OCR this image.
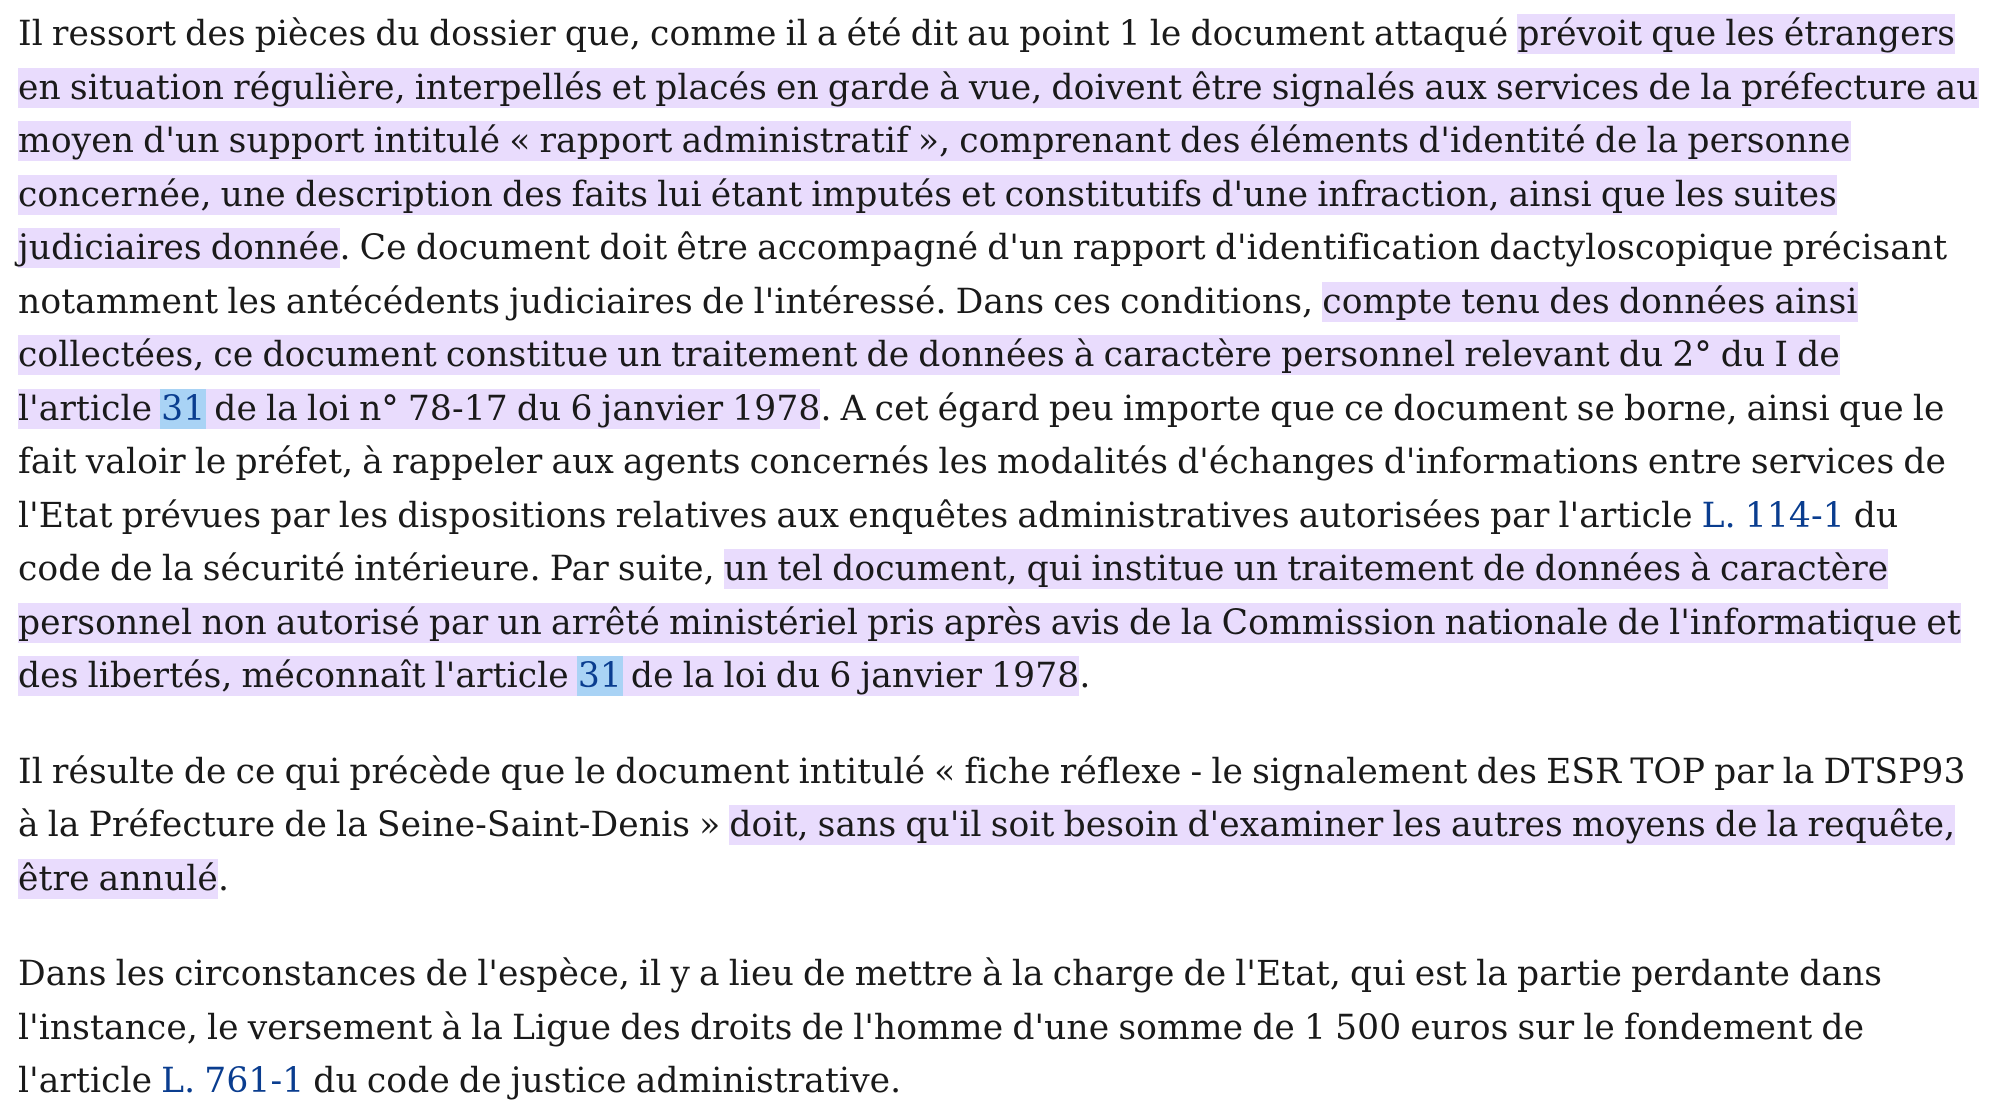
Il ressort des pièces du dossier que, comme il a été dit au point 1 le document attaqué prévoit que les étrangers en situation régulière, interpellés et placés en garde à vue, doivent être signalés aux services de la préfecture au moyen d'un support intitulé « rapport administratif », comprenant des éléments d'identité de la personne concernée, une description des faits lui étant imputés et constitutifs d'une infraction, ainsi que les suites judiciaires donnée. Ce document doit être accompagné d'un rapport d'identification dactyloscopique précisant notamment les antécédents judiciaires de l'intéressé. Dans ces conditions, compte tenu des données ainsi collectées, ce document constitue un traitement de données à caractère personnel relevant du 2° du I de l'article 31 de la loi n° 78-17 du 6 janvier 1978. A cet égard peu importe que ce document se borne, ainsi que le fait valoir le préfet, à rappeler aux agents concernés les modalités d'échanges d'informations entre services de l'Etat prévues par les dispositions relatives aux enquêtes administratives autorisées par l'article L. 114-1 du code de la sécurité intérieure. Par suite, un tel document, qui institue un traitement de données à caractère personnel non autorisé par un arrêté ministériel pris après avis de la Commission nationale de l'informatique et des libertés, méconnaît l'article 31 de la loi du 6 janvier 1978.

Il résulte de ce qui précède que le document intitulé « fiche réflexe - le signalement des ESR TOP par la DTSP93 à la Préfecture de la Seine-Saint-Denis » doit, sans qu'il soit besoin d'examiner les autres moyens de la requête, être annulé.

Dans les circonstances de l'espèce, il y a lieu de mettre à la charge de l'Etat, qui est la partie perdante dans l'instance, le versement à la Ligue des droits de l'homme d'une somme de 1 500 euros sur le fondement de l'article L. 761-1 du code de justice administrative.
